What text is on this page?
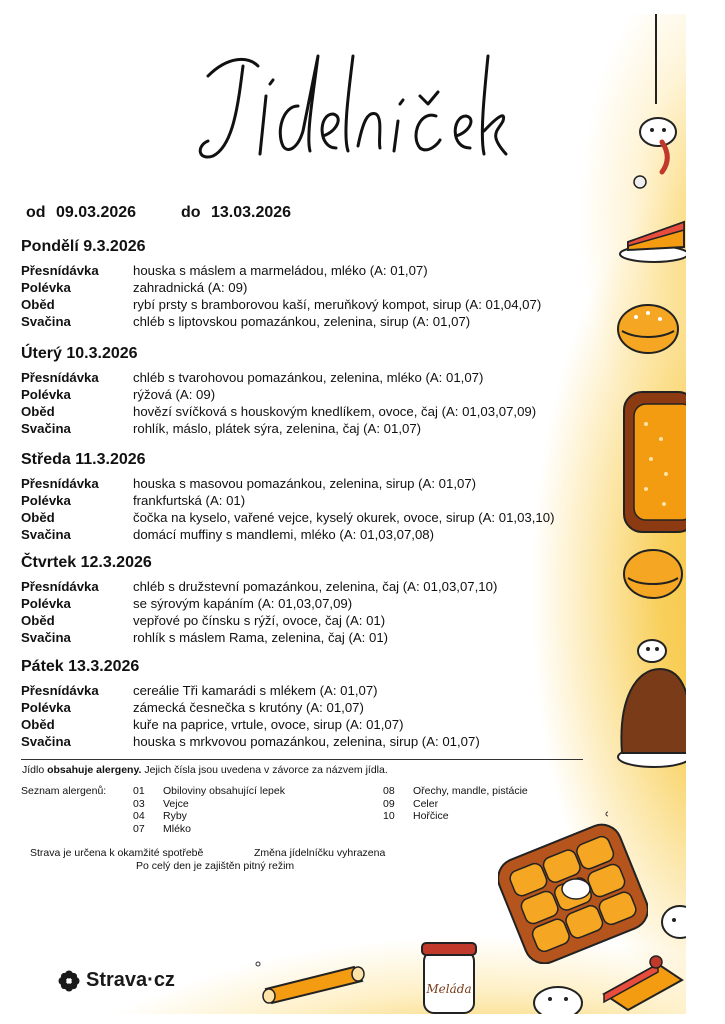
od 09.03.2026	do 13.03.2026
Pondělí 9.3.2026
Přesnídávka	houska s máslem a marmeládou, mléko (A: 01,07)
Polévka	zahradnická (A: 09)
Oběd	rybí prsty s bramborovou kaší, meruňkový kompot, sirup (A: 01,04,07)
Svačina	chléb s liptovskou pomazánkou, zelenina, sirup (A: 01,07)
Úterý 10.3.2026
Přesnídávka	chléb s tvarohovou pomazánkou, zelenina, mléko (A: 01,07)
Polévka	rýžová (A: 09)
Oběd	hovězí svíčková s houskovým knedlíkem, ovoce, čaj (A: 01,03,07,09)
Svačina	rohlík, máslo, plátek sýra, zelenina, čaj (A: 01,07)
Středa 11.3.2026
Přesnídávka	houska s masovou pomazánkou, zelenina, sirup (A: 01,07)
Polévka	frankfurtská (A: 01)
Oběd	čočka na kyselo, vařené vejce, kyselý okurek, ovoce, sirup (A: 01,03,10)
Svačina	domácí muffiny s mandlemi, mléko (A: 01,03,07,08)
Čtvrtek 12.3.2026
Přesnídávka	chléb s družstevní pomazánkou, zelenina, čaj (A: 01,03,07,10)
Polévka	se sýrovým kapáním (A: 01,03,07,09)
Oběd	vepřové po čínsku s rýží, ovoce, čaj (A: 01)
Svačina	rohlík s máslem Rama, zelenina, čaj (A: 01)
Pátek 13.3.2026
Přesnídávka	cereálie Tři kamarádi s mlékem (A: 01,07)
Polévka	zámecká česnečka s krutóny (A: 01,07)
Oběd	kuře na paprice, vrtule, ovoce, sirup (A: 01,07)
Svačina	houska s mrkvovou pomazánkou, zelenina, sirup (A: 01,07)
Jídlo obsahuje alergeny. Jejich čísla jsou uvedena v závorce za názvem jídla.
Seznam alergenů:	01	Obiloviny obsahující lepek
03	Vejce
04	Ryby
07	Mléko
08	Ořechy, mandle, pistácie
09	Celer
10	Hořčice
Strava je určena k okamžité spotřebě	Změna jídelníčku vyhrazena
Po celý den je zajištěn pitný režim
Strava·cz	Meláda
